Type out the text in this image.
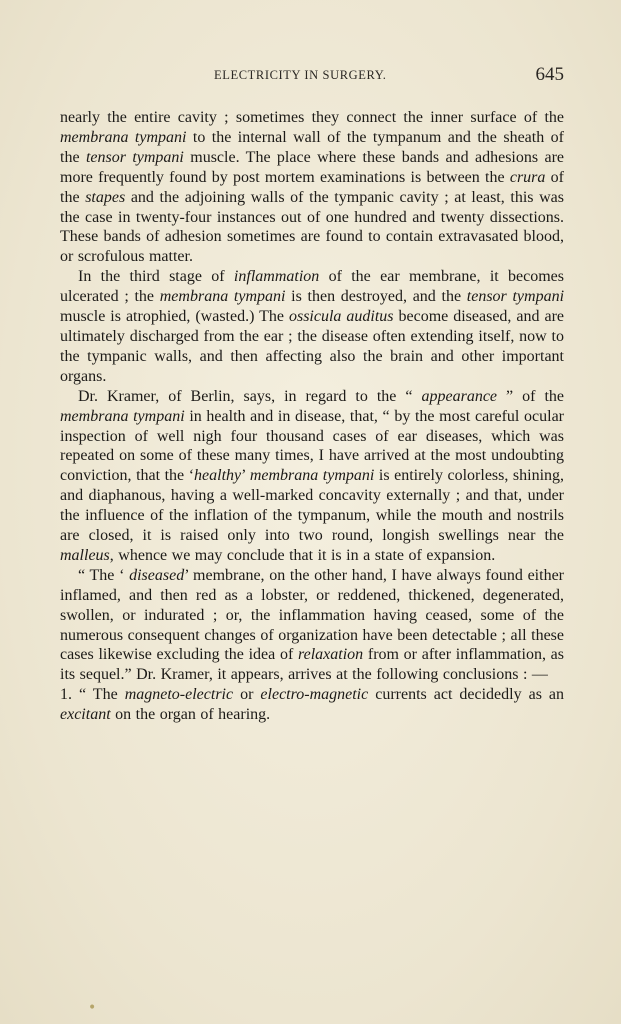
ELECTRICITY IN SURGERY.	645

nearly the entire cavity ; sometimes they connect the inner surface of the membrana tympani to the internal wall of the tympanum and the sheath of the tensor tympani muscle. The place where these bands and adhesions are more frequently found by post mortem examinations is between the crura of the stapes and the adjoining walls of the tympanic cavity ; at least, this was the case in twenty-four instances out of one hundred and twenty dissections. These bands of adhesion sometimes are found to contain extravasated blood, or scrofulous matter.

In the third stage of inflammation of the ear membrane, it becomes ulcerated ; the membrana tympani is then destroyed, and the tensor tympani muscle is atrophied, (wasted.) The ossicula auditus become diseased, and are ultimately discharged from the ear ; the disease often extending itself, now to the tympanic walls, and then affecting also the brain and other important organs.

Dr. Kramer, of Berlin, says, in regard to the “ appearance ” of the membrana tympani in health and in disease, that, “ by the most careful ocular inspection of well nigh four thousand cases of ear diseases, which was repeated on some of these many times, I have arrived at the most undoubting conviction, that the ‘healthy’ membrana tympani is entirely colorless, shining, and diaphanous, having a well-marked concavity externally ; and that, under the influence of the inflation of the tympanum, while the mouth and nostrils are closed, it is raised only into two round, longish swellings near the malleus, whence we may conclude that it is in a state of expansion.

“ The ‘ diseased’ membrane, on the other hand, I have always found either inflamed, and then red as a lobster, or reddened, thickened, degenerated, swollen, or indurated ; or, the inflammation having ceased, some of the numerous consequent changes of organization have been detectable ; all these cases likewise excluding the idea of relaxation from or after inflammation, as its sequel.” Dr. Kramer, it appears, arrives at the following conclusions : —

1. “ The magneto-electric or electro-magnetic currents act decidedly as an excitant on the organ of hearing.

•
